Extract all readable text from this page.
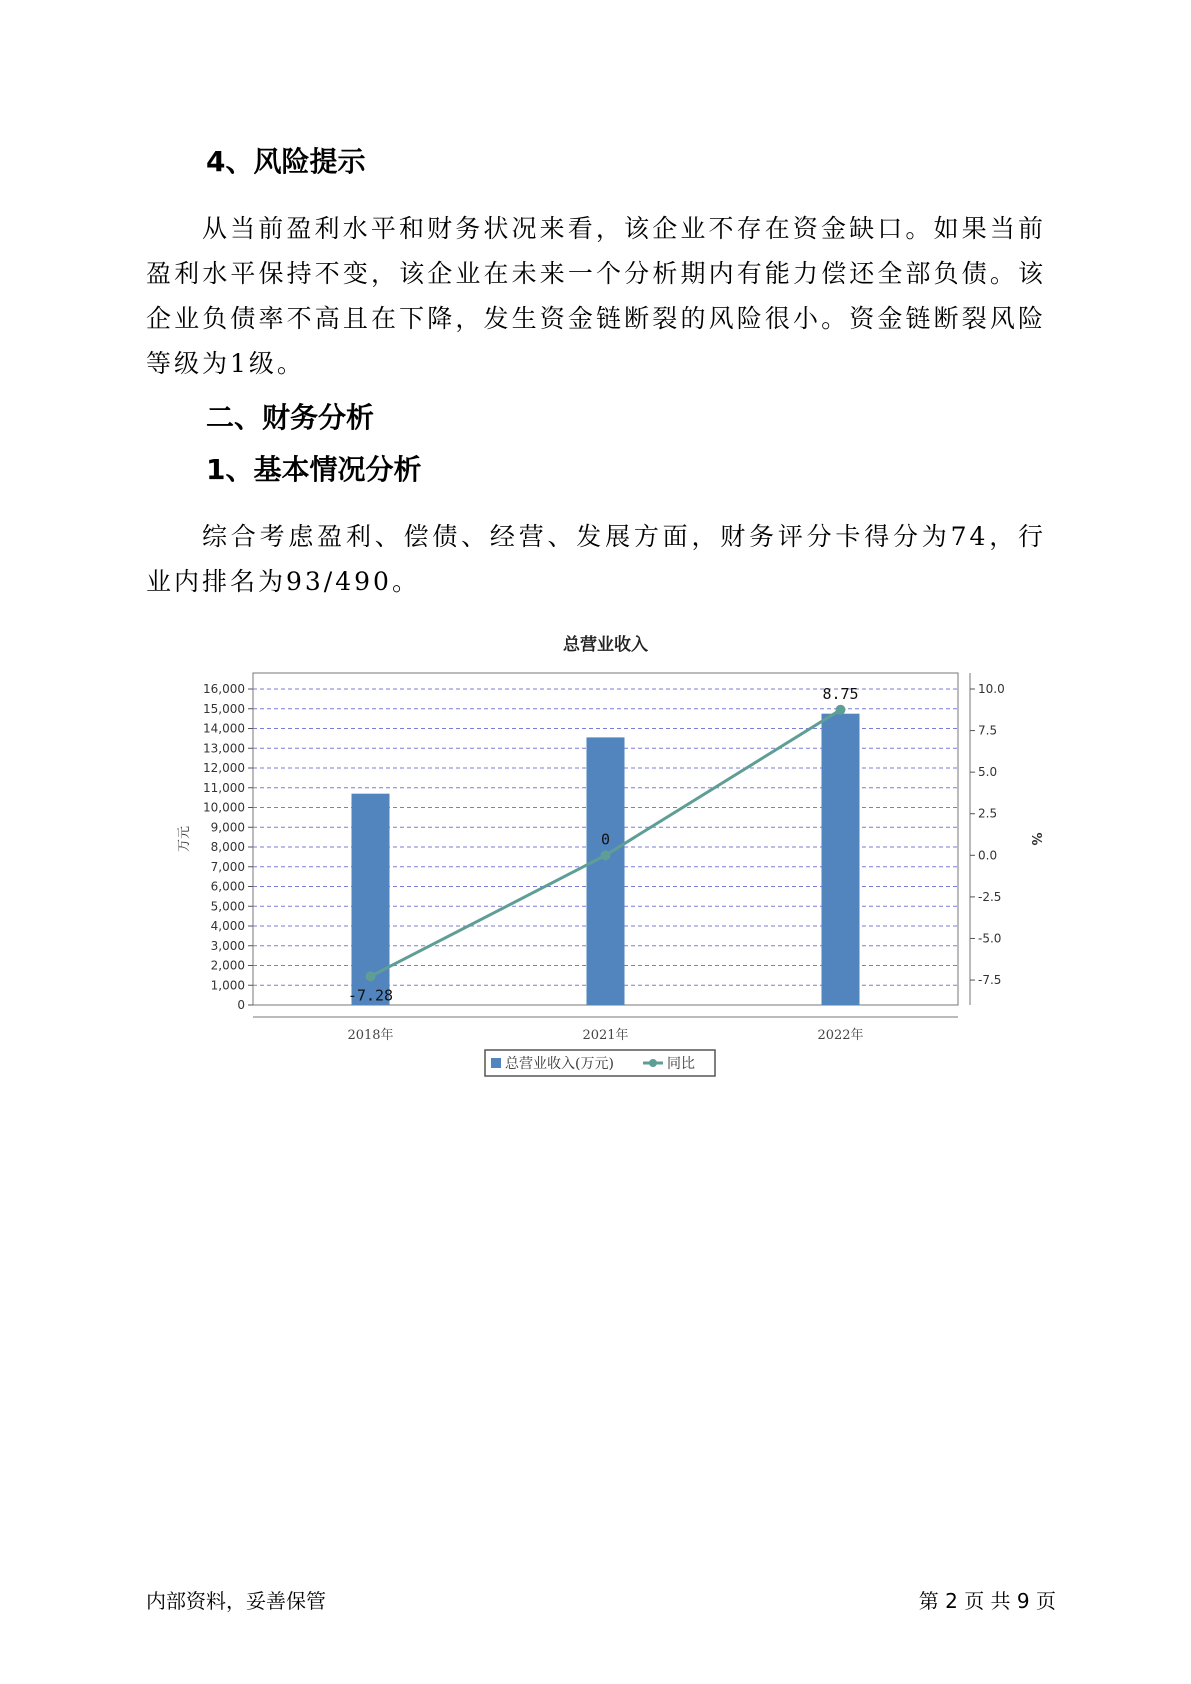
4、风险提示

从当前盈利水平和财务状况来看，该企业不存在资金缺口。如果当前盈利水平保持不变，该企业在未来一个分析期内有能力偿还全部负债。该企业负债率不高且在下降，发生资金链断裂的风险很小。资金链断裂风险等级为1级。

二、财务分析
1、基本情况分析

综合考虑盈利、偿债、经营、发展方面，财务评分卡得分为74，行业内排名为93/490。

总营业收入
0
1,000
2,000
3,000
4,000
5,000
6,000
7,000
8,000
9,000
10,000
11,000
12,000
13,000
14,000
15,000
16,000
-7.5
-5.0
-2.5
0.0
2.5
5.0
7.5
10.0
万元	%
2018年	2021年	2022年
-7.28
0
8.75
总营业收入(万元)	同比
内部资料，妥善保管	第 2 页 共 9 页
